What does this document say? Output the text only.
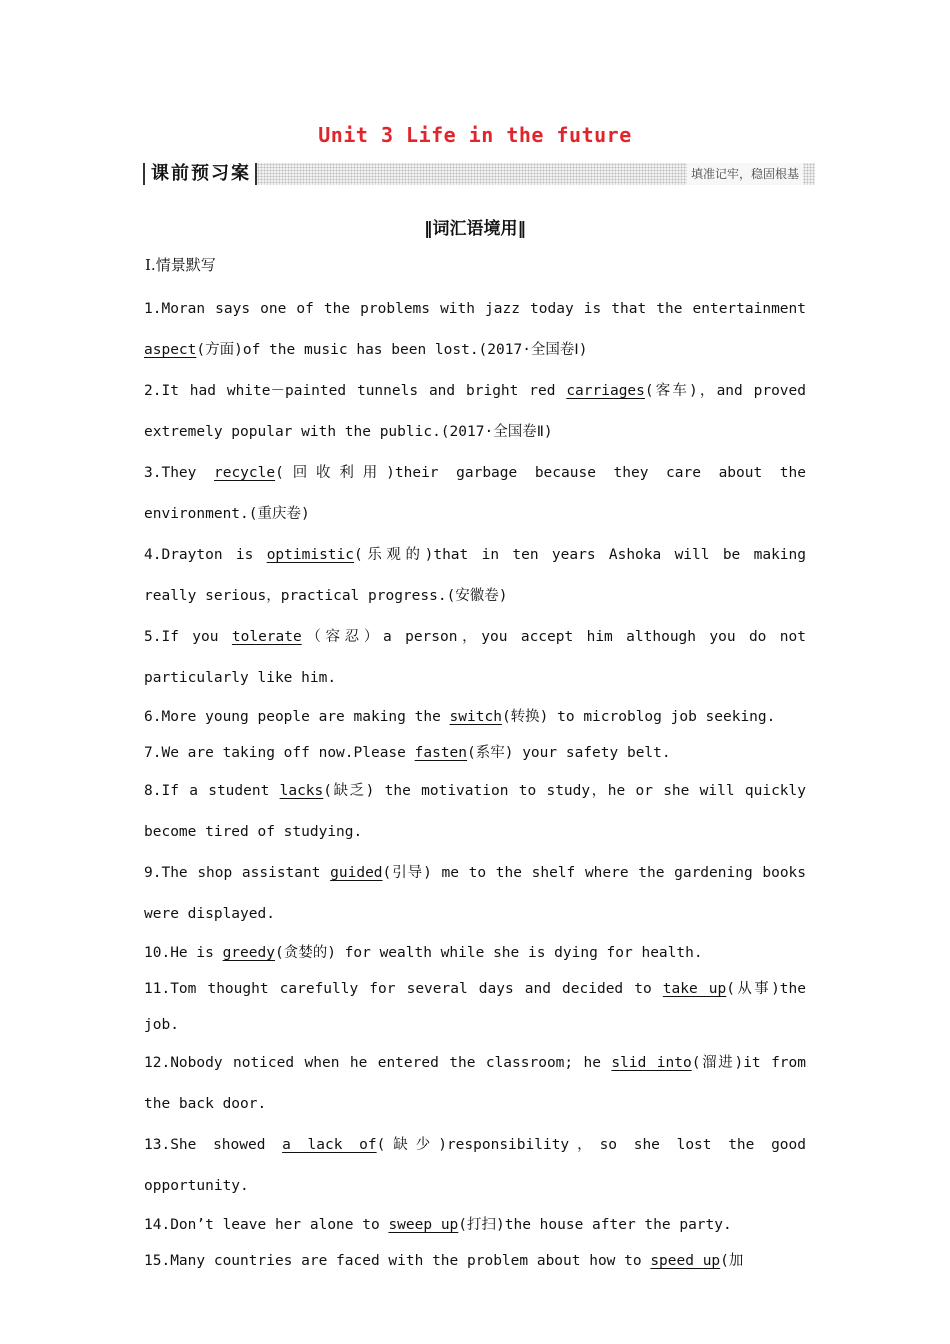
Unit 3 Life in the future
课前预习案	填准记牢，稳固根基
‖词汇语境用‖
Ⅰ.情景默写

1.Moran says one of the problems with jazz today is that the entertainment aspect(方面)of the music has been lost.(2017·全国卷Ⅰ)

2.It had white－painted tunnels and bright red carriages(客车)，and proved extremely popular with the public.(2017·全国卷Ⅱ)

3.They recycle(回收利用)their garbage because they care about the environment.(重庆卷)

4.Drayton is optimistic(乐观的)that in ten years Ashoka will be making really serious，practical progress.(安徽卷)

5.If you tolerate（容忍）a person，you accept him although you do not particularly like him.

6.More young people are making the switch(转换) to microblog job seeking.

7.We are taking off now.Please fasten(系牢) your safety belt.

8.If a student lacks(缺乏) the motivation to study，he or she will quickly become tired of studying.

9.The shop assistant guided(引导) me to the shelf where the gardening books were displayed.

10.He is greedy(贪婪的) for wealth while she is dying for health.

11.Tom thought carefully for several days and decided to take up(从事)the job.

12.Nobody noticed when he entered the classroom; he slid into(溜进)it from the back door.

13.She showed a lack of(缺少)responsibility，so she lost the good opportunity.

14.Don’t leave her alone to sweep up(打扫)the house after the party.

15.Many countries are faced with the problem about how to speed up(加
